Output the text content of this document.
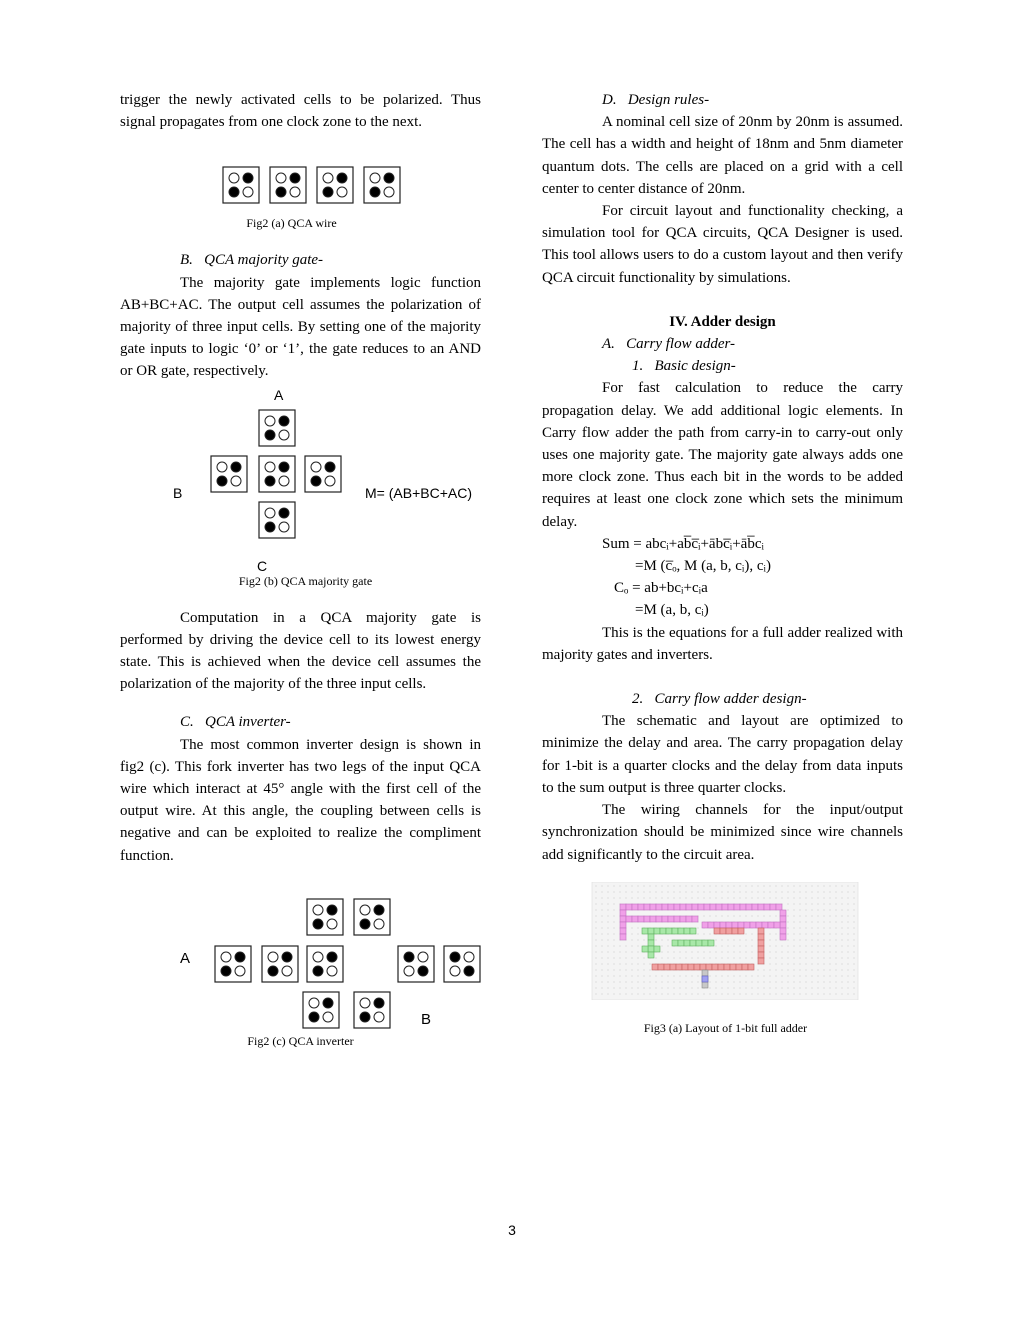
trigger the newly activated cells to be polarized. Thus signal propagates from one clock zone to the next.

Fig2 (a) QCA wire

B. QCA majority gate-

The majority gate implements logic function AB+BC+AC. The output cell assumes the polarization of majority of three input cells. By setting one of the majority gate inputs to logic ‘0’ or ‘1’, the gate reduces to an AND or OR gate, respectively.

A
B	M= (AB+BC+AC)
C
Fig2 (b) QCA majority gate

Computation in a QCA majority gate is performed by driving the device cell to its lowest energy state. This is achieved when the device cell assumes the polarization of the majority of the three input cells.

C. QCA inverter-

The most common inverter design is shown in fig2 (c). This fork inverter has two legs of the input QCA wire which interact at 45° angle with the first cell of the output wire. At this angle, the coupling between cells is negative and can be exploited to realize the compliment function.

A
B
Fig2 (c) QCA inverter

D. Design rules-

A nominal cell size of 20nm by 20nm is assumed. The cell has a width and height of 18nm and 5nm diameter quantum dots. The cells are placed on a grid with a cell center to center distance of 20nm.

For circuit layout and functionality checking, a simulation tool for QCA circuits, QCA Designer is used. This tool allows users to do a custom layout and then verify QCA circuit functionality by simulations.

IV. Adder design

A. Carry flow adder-

1. Basic design-

For fast calculation to reduce the carry propagation delay. We add additional logic elements. In Carry flow adder the path from carry-in to carry-out only uses one majority gate. The majority gate always adds one more clock zone. Thus each bit in the words to be added requires at least one clock zone which sets the minimum delay.

Sum = abcᵢ+ab̅c̅ᵢ+ābc̅ᵢ+āb̅cᵢ

=M (c̅ₒ, M (a, b, cᵢ), cᵢ)

Cₒ = ab+bcᵢ+cᵢa

=M (a, b, cᵢ)

This is the equations for a full adder realized with majority gates and inverters.

2. Carry flow adder design-

The schematic and layout are optimized to minimize the delay and area. The carry propagation delay for 1-bit is a quarter clocks and the delay from data inputs to the sum output is three quarter clocks.

The wiring channels for the input/output synchronization should be minimized since wire channels add significantly to the circuit area.

Fig3 (a) Layout of 1-bit full adder
3
